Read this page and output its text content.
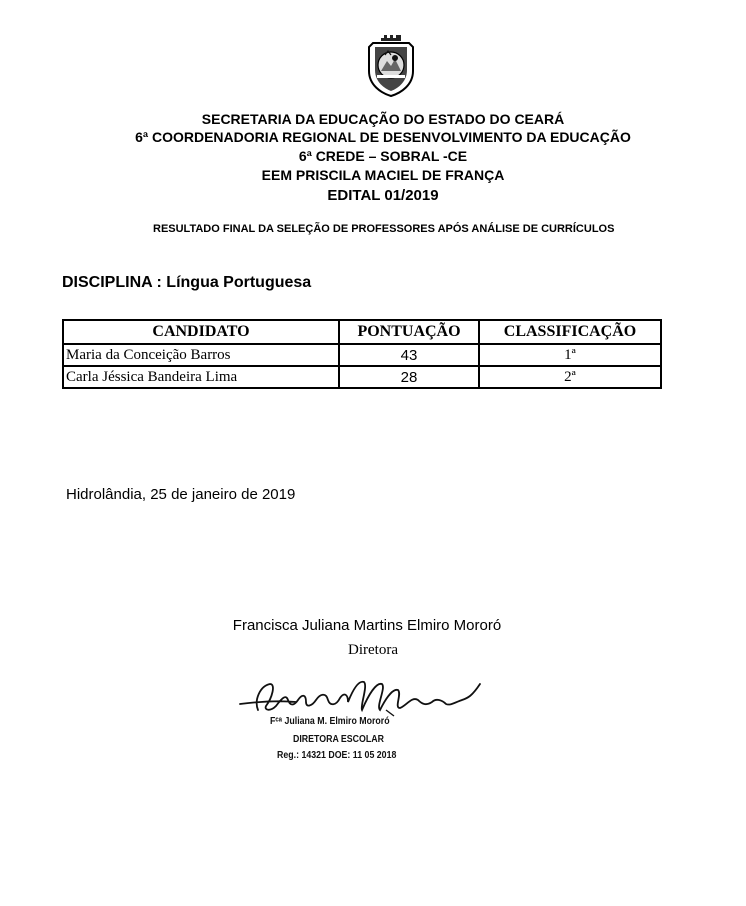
SECRETARIA DA EDUCAÇÃO DO ESTADO DO CEARÁ
6ª COORDENADORIA REGIONAL DE DESENVOLVIMENTO DA EDUCAÇÃO
6ª CREDE – SOBRAL -CE
EEM PRISCILA MACIEL DE FRANÇA
EDITAL 01/2019
RESULTADO FINAL DA SELEÇÃO DE PROFESSORES APÓS ANÁLISE DE CURRÍCULOS
DISCIPLINA : Língua Portuguesa
CANDIDATO	PONTUAÇÃO	CLASSIFICAÇÃO
Maria da Conceição Barros	43	1ª
Carla Jéssica Bandeira Lima	28	2ª
Hidrolândia, 25 de janeiro de 2019
Francisca Juliana Martins Elmiro Mororó
Diretora
Fᶜᵃ Juliana M. Elmiro Mororó
DIRETORA ESCOLAR
Reg.: 14321 DOE: 11 05 2018
